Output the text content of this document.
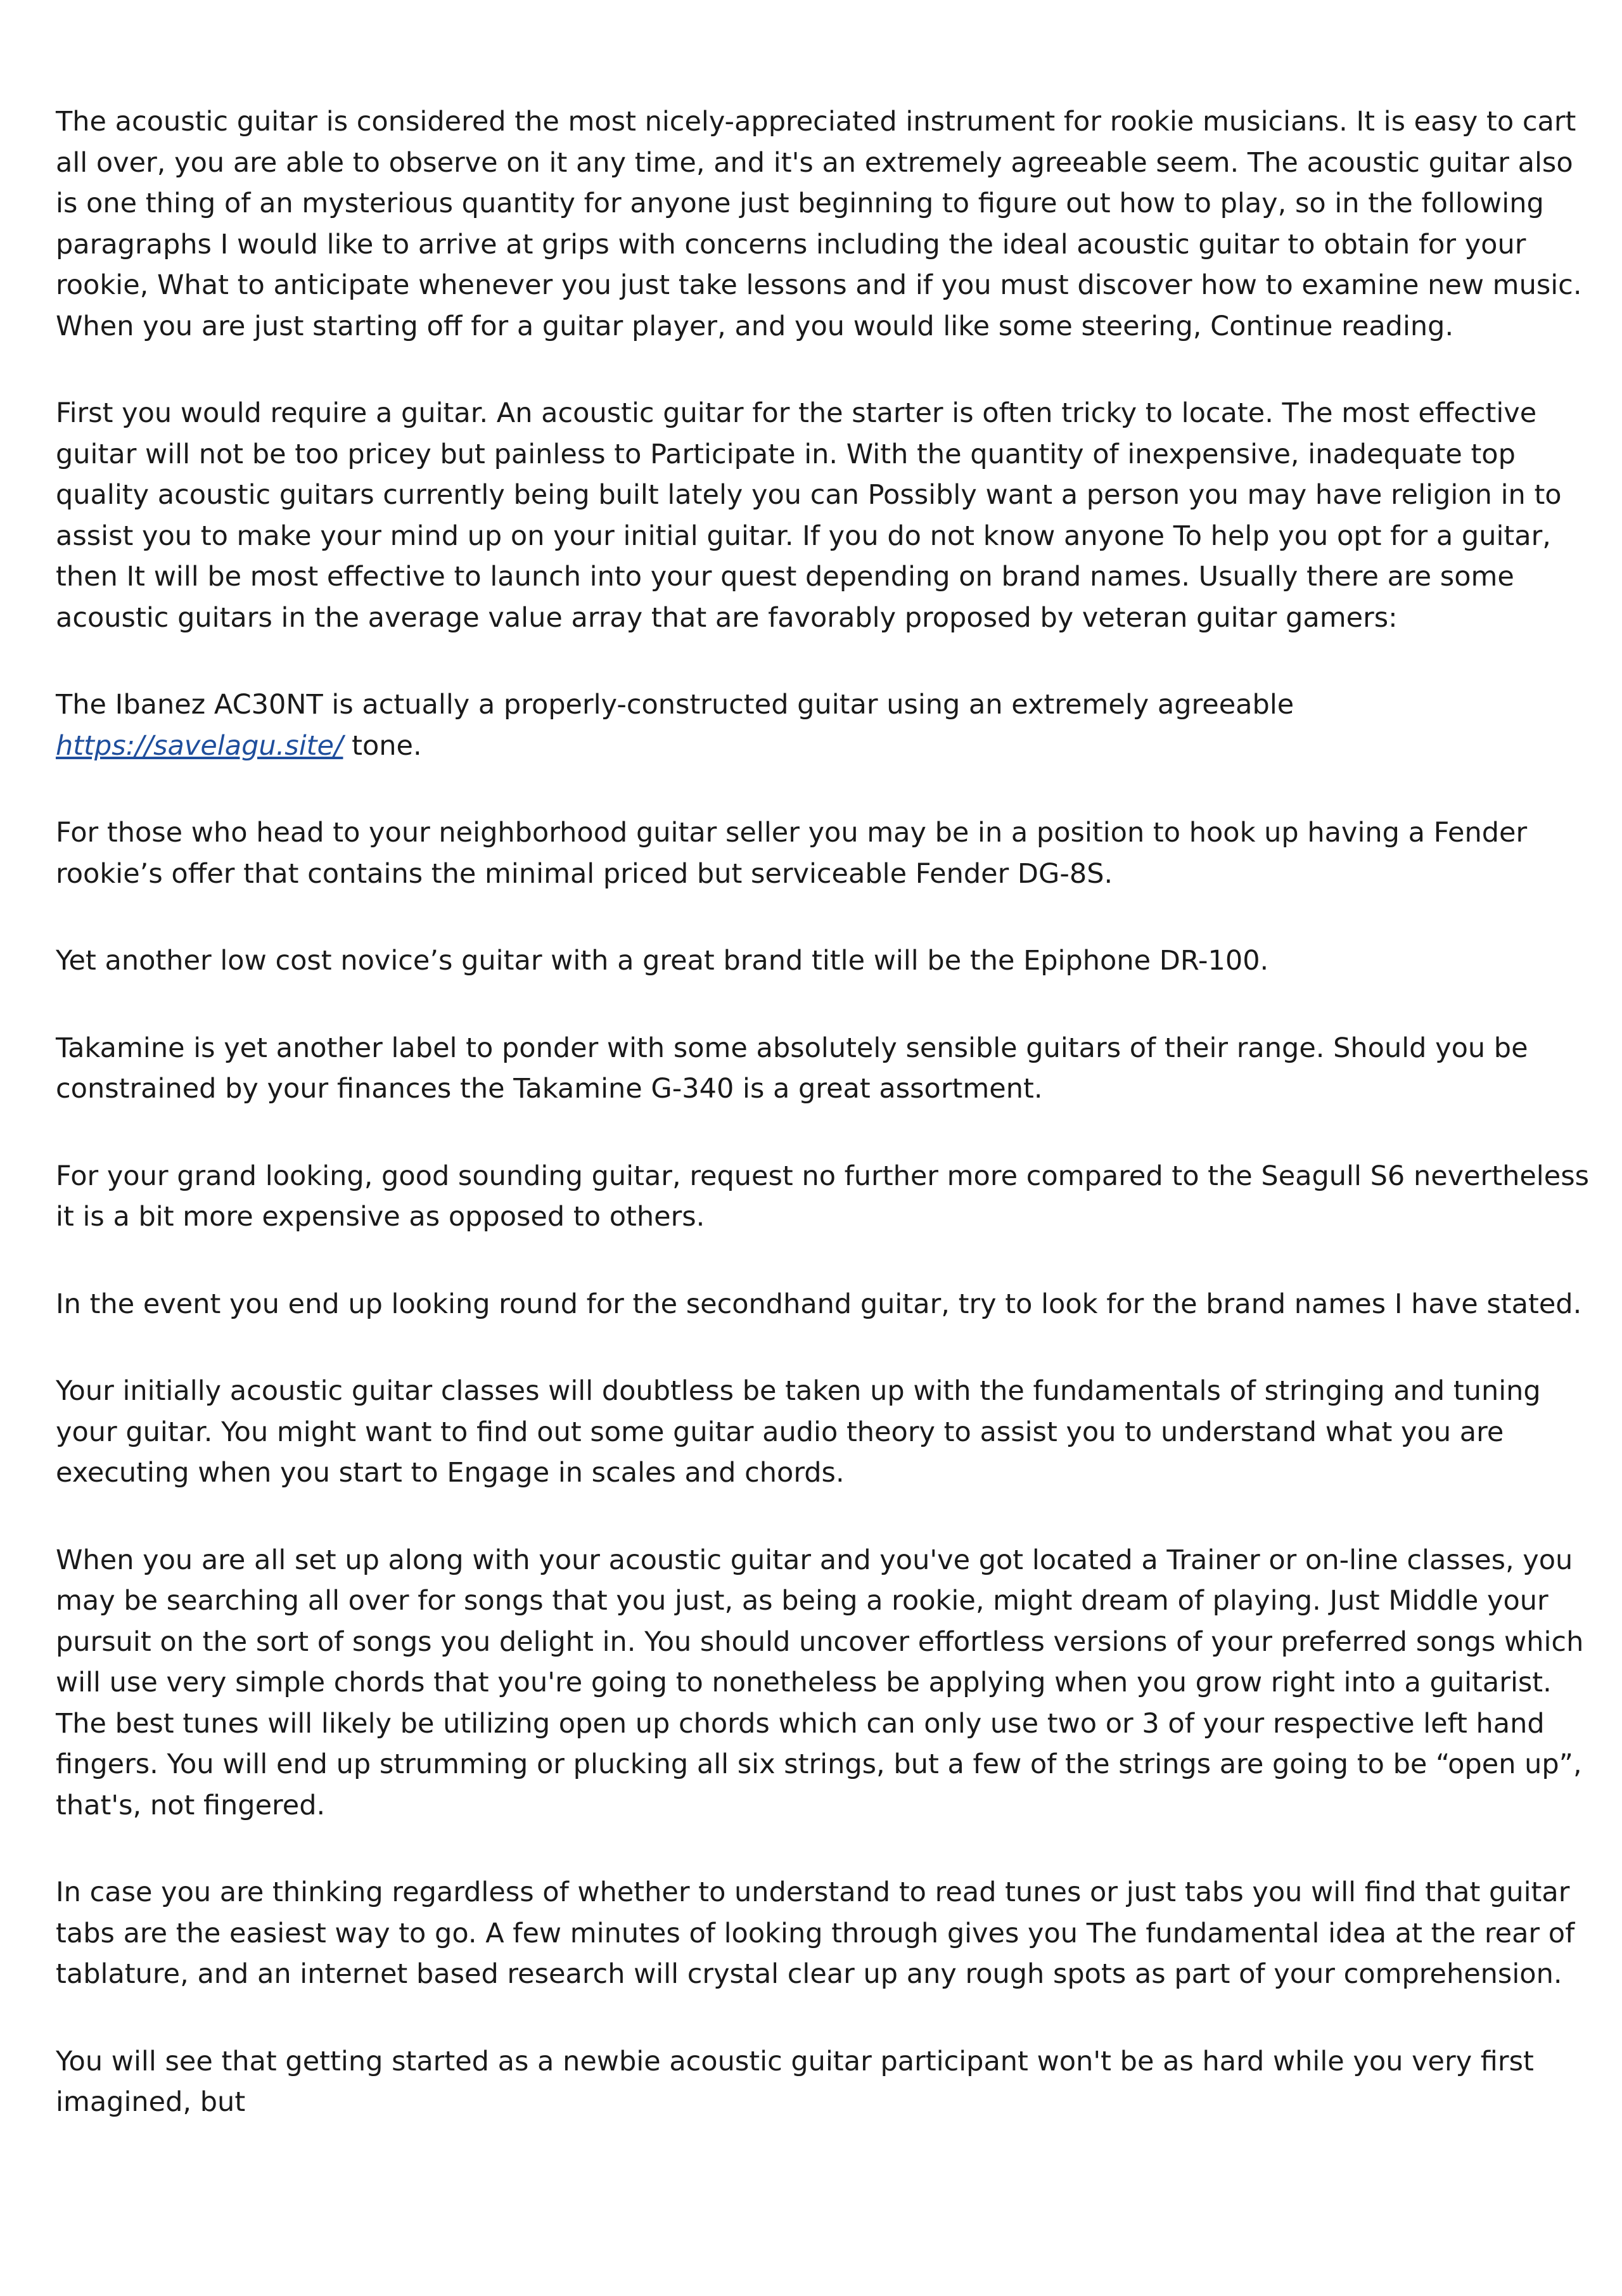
The acoustic guitar is considered the most nicely-appreciated instrument for rookie musicians. It is easy to cart all over, you are able to observe on it any time, and it's an extremely agreeable seem. The acoustic guitar also is one thing of an mysterious quantity for anyone just beginning to figure out how to play, so in the following paragraphs I would like to arrive at grips with concerns including the ideal acoustic guitar to obtain for your rookie, What to anticipate whenever you just take lessons and if you must discover how to examine new music. When you are just starting off for a guitar player, and you would like some steering, Continue reading.

First you would require a guitar. An acoustic guitar for the starter is often tricky to locate. The most effective guitar will not be too pricey but painless to Participate in. With the quantity of inexpensive, inadequate top quality acoustic guitars currently being built lately you can Possibly want a person you may have religion in to assist you to make your mind up on your initial guitar. If you do not know anyone To help you opt for a guitar, then It will be most effective to launch into your quest depending on brand names. Usually there are some acoustic guitars in the average value array that are favorably proposed by veteran guitar gamers:

The Ibanez AC30NT is actually a properly-constructed guitar using an extremely agreeable https://savelagu.site/ tone.

For those who head to your neighborhood guitar seller you may be in a position to hook up having a Fender rookie’s offer that contains the minimal priced but serviceable Fender DG-8S.

Yet another low cost novice’s guitar with a great brand title will be the Epiphone DR-100.

Takamine is yet another label to ponder with some absolutely sensible guitars of their range. Should you be constrained by your finances the Takamine G-340 is a great assortment.

For your grand looking, good sounding guitar, request no further more compared to the Seagull S6 nevertheless it is a bit more expensive as opposed to others.

In the event you end up looking round for the secondhand guitar, try to look for the brand names I have stated.

Your initially acoustic guitar classes will doubtless be taken up with the fundamentals of stringing and tuning your guitar. You might want to find out some guitar audio theory to assist you to understand what you are executing when you start to Engage in scales and chords.

When you are all set up along with your acoustic guitar and you've got located a Trainer or on-line classes, you may be searching all over for songs that you just, as being a rookie, might dream of playing. Just Middle your pursuit on the sort of songs you delight in. You should uncover effortless versions of your preferred songs which will use very simple chords that you're going to nonetheless be applying when you grow right into a guitarist. The best tunes will likely be utilizing open up chords which can only use two or 3 of your respective left hand fingers. You will end up strumming or plucking all six strings, but a few of the strings are going to be “open up”, that's, not fingered.

In case you are thinking regardless of whether to understand to read tunes or just tabs you will find that guitar tabs are the easiest way to go. A few minutes of looking through gives you The fundamental idea at the rear of tablature, and an internet based research will crystal clear up any rough spots as part of your comprehension.

You will see that getting started as a newbie acoustic guitar participant won't be as hard while you very first imagined, but
